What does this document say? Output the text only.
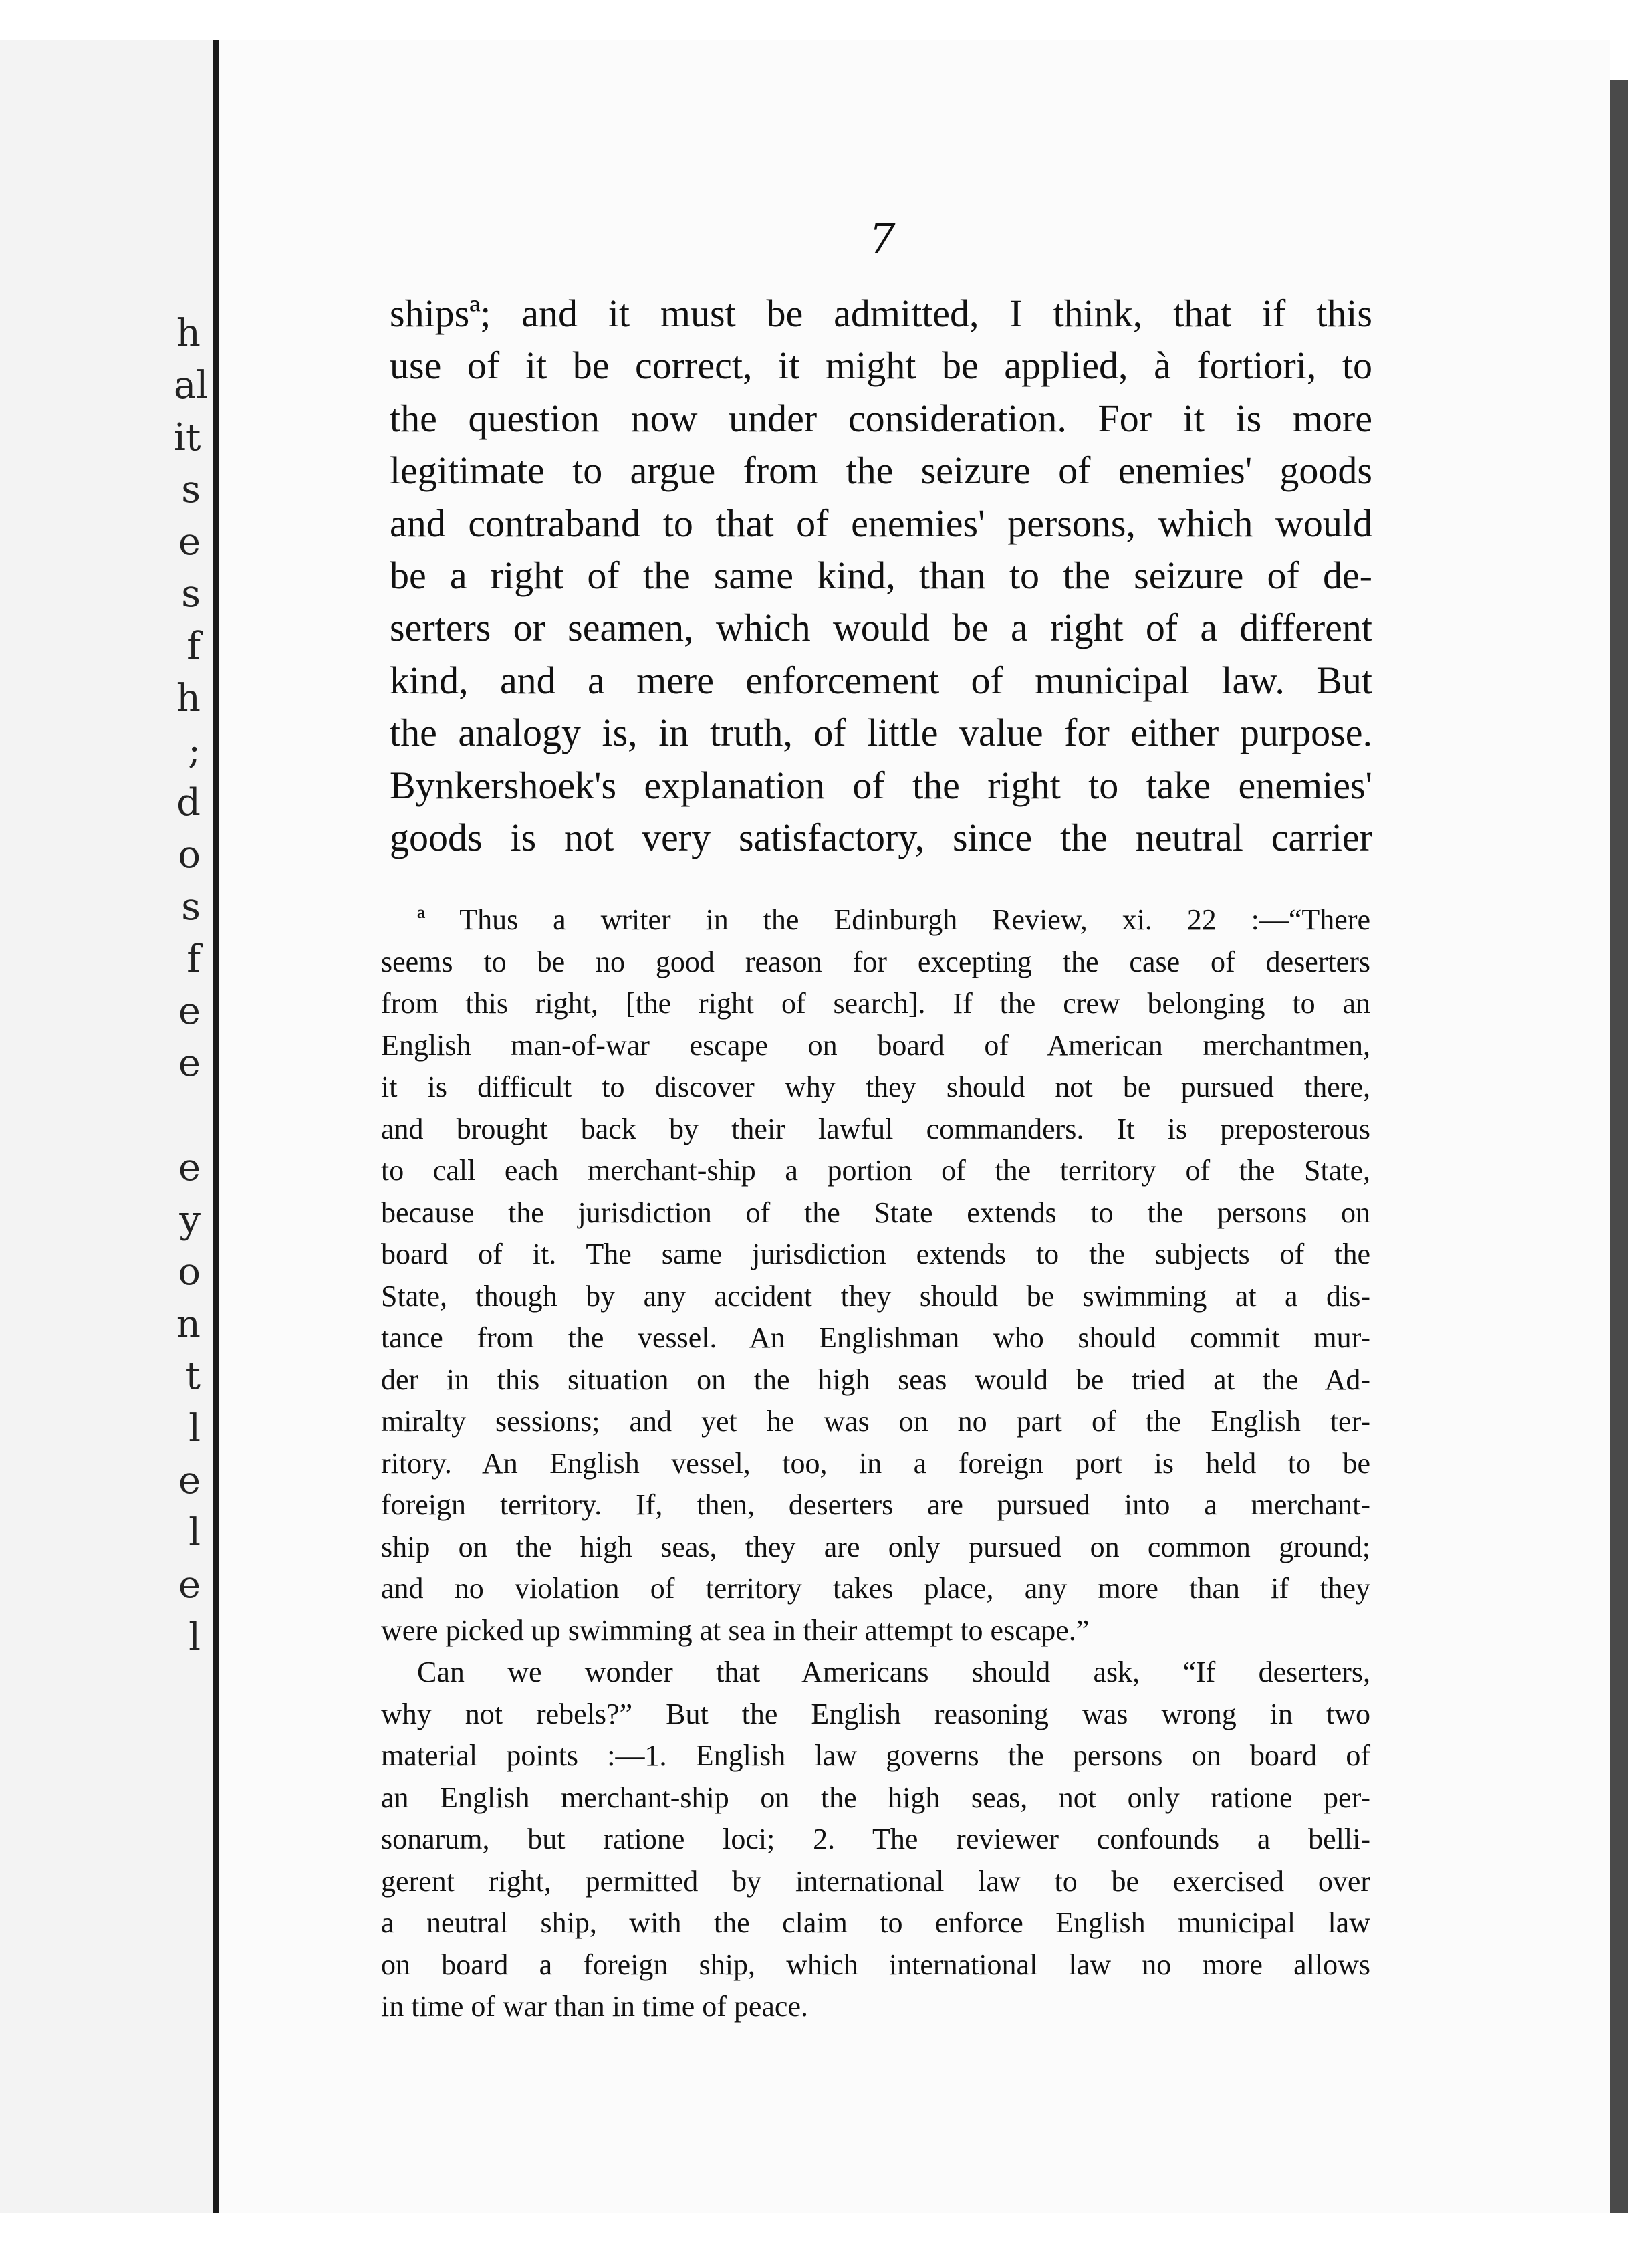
h
al
it
s
e
s
f
h
;
d
o
s
f
e
e

e
y
o
n
t
l
e
l
e
l
7
shipsª; and it must be admitted, I think, that if this
use of it be correct, it might be applied, à fortiori, to
the question now under consideration. For it is more
legitimate to argue from the seizure of enemies' goods
and contraband to that of enemies' persons, which would
be a right of the same kind, than to the seizure of de-
serters or seamen, which would be a right of a different
kind, and a mere enforcement of municipal law. But
the analogy is, in truth, of little value for either purpose.
Bynkershoek's explanation of the right to take enemies'
goods is not very satisfactory, since the neutral carrier
ª Thus a writer in the Edinburgh Review, xi. 22 :—“There
seems to be no good reason for excepting the case of deserters
from this right, [the right of search]. If the crew belonging to an
English man-of-war escape on board of American merchantmen,
it is difficult to discover why they should not be pursued there,
and brought back by their lawful commanders. It is preposterous
to call each merchant-ship a portion of the territory of the State,
because the jurisdiction of the State extends to the persons on
board of it. The same jurisdiction extends to the subjects of the
State, though by any accident they should be swimming at a dis-
tance from the vessel. An Englishman who should commit mur-
der in this situation on the high seas would be tried at the Ad-
miralty sessions; and yet he was on no part of the English ter-
ritory. An English vessel, too, in a foreign port is held to be
foreign territory. If, then, deserters are pursued into a merchant-
ship on the high seas, they are only pursued on common ground;
and no violation of territory takes place, any more than if they
were picked up swimming at sea in their attempt to escape.”
Can we wonder that Americans should ask, “If deserters,
why not rebels?” But the English reasoning was wrong in two
material points :—1. English law governs the persons on board of
an English merchant-ship on the high seas, not only ratione per-
sonarum, but ratione loci; 2. The reviewer confounds a belli-
gerent right, permitted by international law to be exercised over
a neutral ship, with the claim to enforce English municipal law
on board a foreign ship, which international law no more allows
in time of war than in time of peace.
